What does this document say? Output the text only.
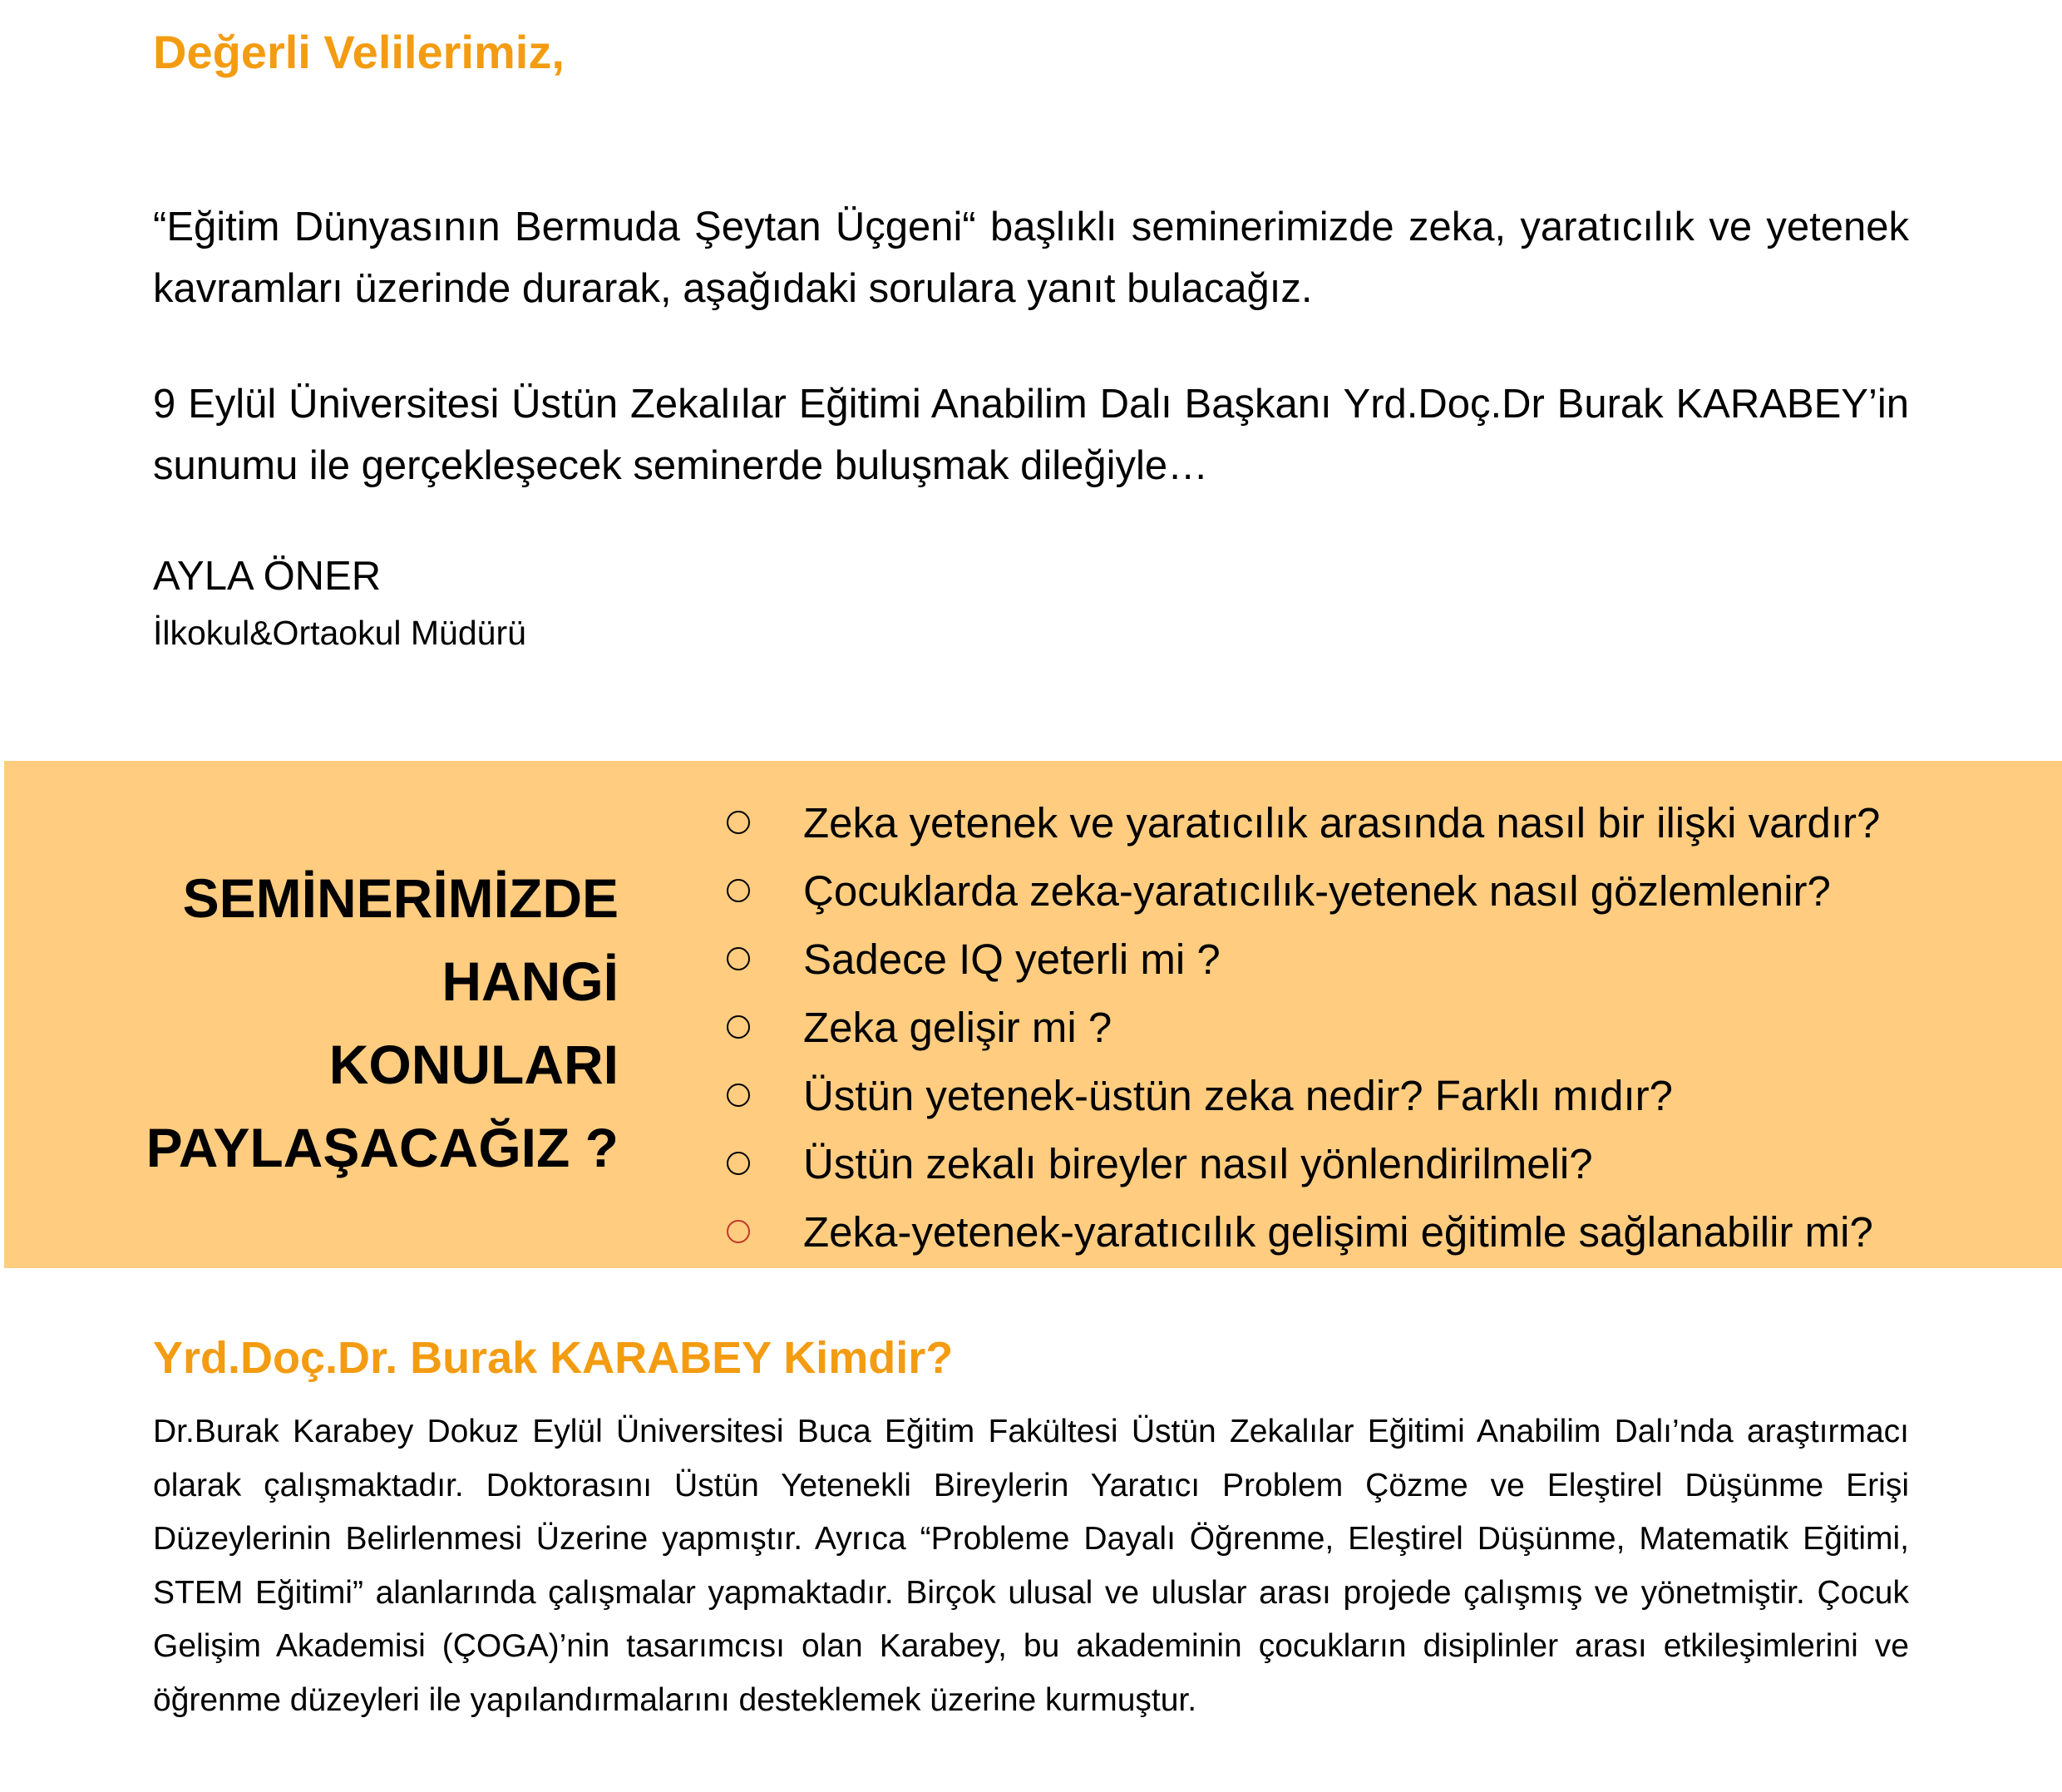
Değerli Velilerimiz,

“Eğitim Dünyasının Bermuda Şeytan Üçgeni“ başlıklı seminerimizde zeka, yaratıcılık ve yetenek kavramları üzerinde durarak, aşağıdaki sorulara yanıt bulacağız.

9 Eylül Üniversitesi Üstün Zekalılar Eğitimi Anabilim Dalı Başkanı Yrd.Doç.Dr Burak KARABEY’in sunumu ile gerçekleşecek seminerde buluşmak dileğiyle…

AYLA ÖNER
İlkokul&Ortaokul Müdürü
SEMİNERİMİZDE
HANGİ
KONULARI
PAYLAŞACAĞIZ ?
Zeka yetenek ve yaratıcılık arasında nasıl bir ilişki vardır?
Çocuklarda zeka-yaratıcılık-yetenek nasıl gözlemlenir?
Sadece IQ yeterli mi ?
Zeka gelişir mi ?
Üstün yetenek-üstün zeka nedir? Farklı mıdır?
Üstün zekalı bireyler nasıl yönlendirilmeli?
Zeka-yetenek-yaratıcılık gelişimi eğitimle sağlanabilir mi?
Yrd.Doç.Dr. Burak KARABEY Kimdir?

Dr.Burak Karabey Dokuz Eylül Üniversitesi Buca Eğitim Fakültesi Üstün Zekalılar Eğitimi Anabilim Dalı’nda araştırmacı olarak çalışmaktadır. Doktorasını Üstün Yetenekli Bireylerin Yaratıcı Problem Çözme ve Eleştirel Düşünme Erişi Düzeylerinin Belirlenmesi Üzerine yapmıştır. Ayrıca “Probleme Dayalı Öğrenme, Eleştirel Düşünme, Matematik Eğitimi, STEM Eğitimi” alanlarında çalışmalar yapmaktadır. Birçok ulusal ve uluslar arası projede çalışmış ve yönetmiştir. Çocuk Gelişim Akademisi (ÇOGA)’nin tasarımcısı olan Karabey, bu akademinin çocukların disiplinler arası etkileşimlerini ve öğrenme düzeyleri ile yapılandırmalarını desteklemek üzerine kurmuştur.
